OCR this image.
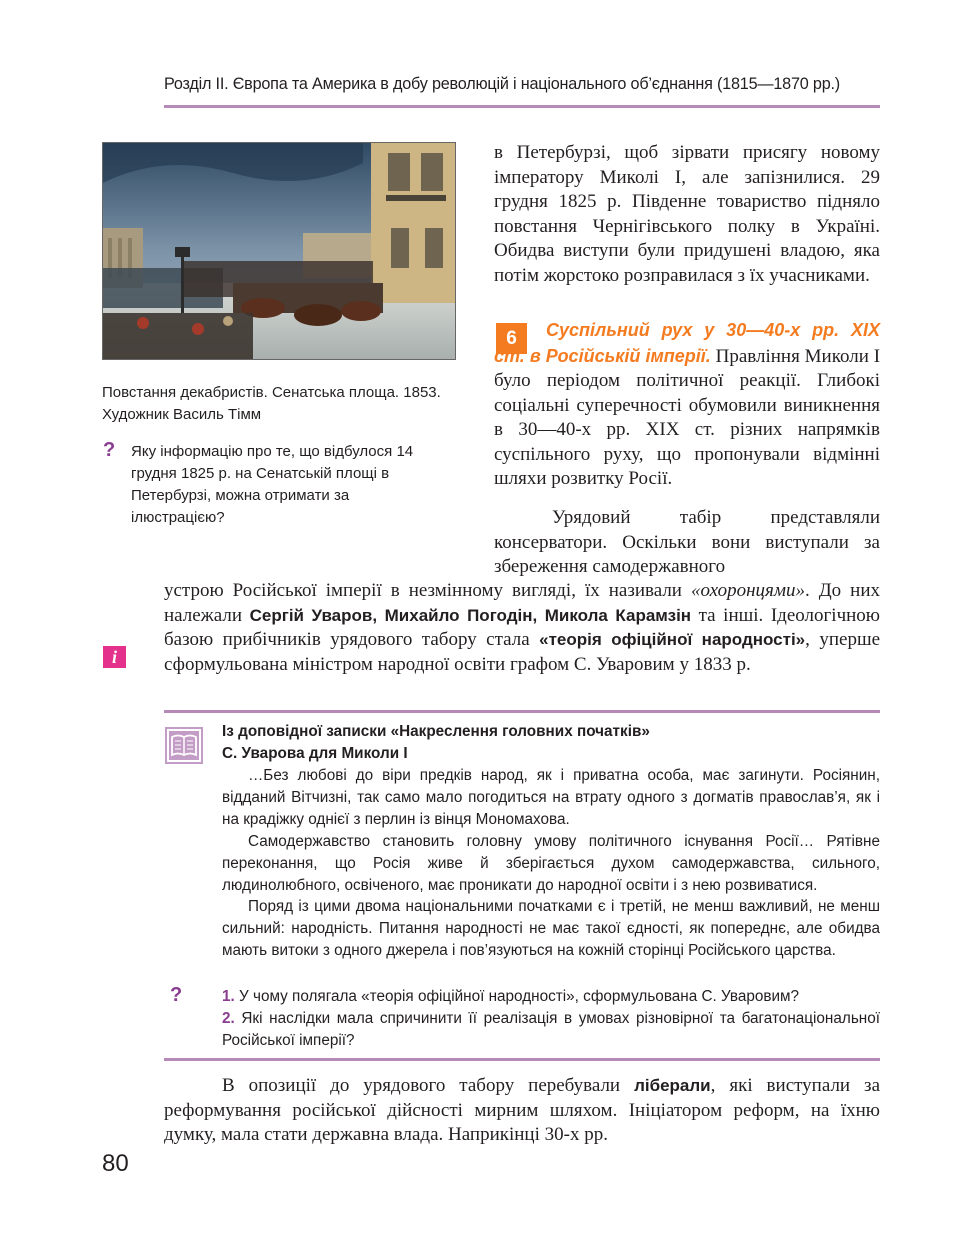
Розділ II. Європа та Америка в добу революцій і національного об’єднання (1815—1870 рр.)
Повстання декабристів. Сенатська площа. 1853. Художник Василь Тімм
? Яку інформацію про те, що відбулося 14 грудня 1825 р. на Сенатській площі в Петербурзі, можна отримати за ілюстрацією?
в Петербурзі, щоб зірвати присягу новому імператору Миколі I, але запізнилися. 29 грудня 1825 р. Південне товариство підняло повстання Чернігівського полку в Україні. Обидва виступи були придушені владою, яка потім жорстоко розправилася з їх учасниками.
6	Суспільний рух у 30—40-х рр. XIX ст. в Російській імперії. Правління Миколи I було періодом політичної реакції. Глибокі соціальні суперечності обумовили виникнення в 30—40-х рр. XIX ст. різних напрямків суспільного руху, що пропонували відмінні шляхи розвитку Росії.
Урядовий табір представляли консерватори. Оскільки вони виступали за збереження самодержавного
устрою Російської імперії в незмінному вигляді, їх називали «охоронцями». До них належали Сергій Уваров, Михайло Погодін, Микола Карамзін та інші. Ідеологічною базою прибічників урядового табору стала «теорія офіційної народності», уперше сформульована міністром народної освіти графом С. Уваровим у 1833 р.
i
Із доповідної записки «Накреслення головних початків»
С. Уварова для Миколи I
…Без любові до віри предків народ, як і приватна особа, має загинути. Росіянин, відданий Вітчизні, так само мало погодиться на втрату одного з догматів православ’я, як і на крадіжку однієї з перлин із вінця Мономахова.
Самодержавство становить головну умову політичного існування Росії… Рятівне переконання, що Росія живе й зберігається духом самодержавства, сильного, людинолюбного, освіченого, має проникати до народної освіти і з нею розвиватися.
Поряд із цими двома національними початками є і третій, не менш важливий, не менш сильний: народність. Питання народності не має такої єдності, як попереднє, але обидва мають витоки з одного джерела і пов’язуються на кожній сторінці Російського царства.
?	1. У чому полягала «теорія офіційної народності», сформульована С. Уваровим?
2. Які наслідки мала спричинити її реалізація в умовах різновірної та багатонаціональної Російської імперії?
В опозиції до урядового табору перебували ліберали, які виступали за реформування російської дійсності мирним шляхом. Ініціатором реформ, на їхню думку, мала стати державна влада. Наприкінці 30-х рр.
80
